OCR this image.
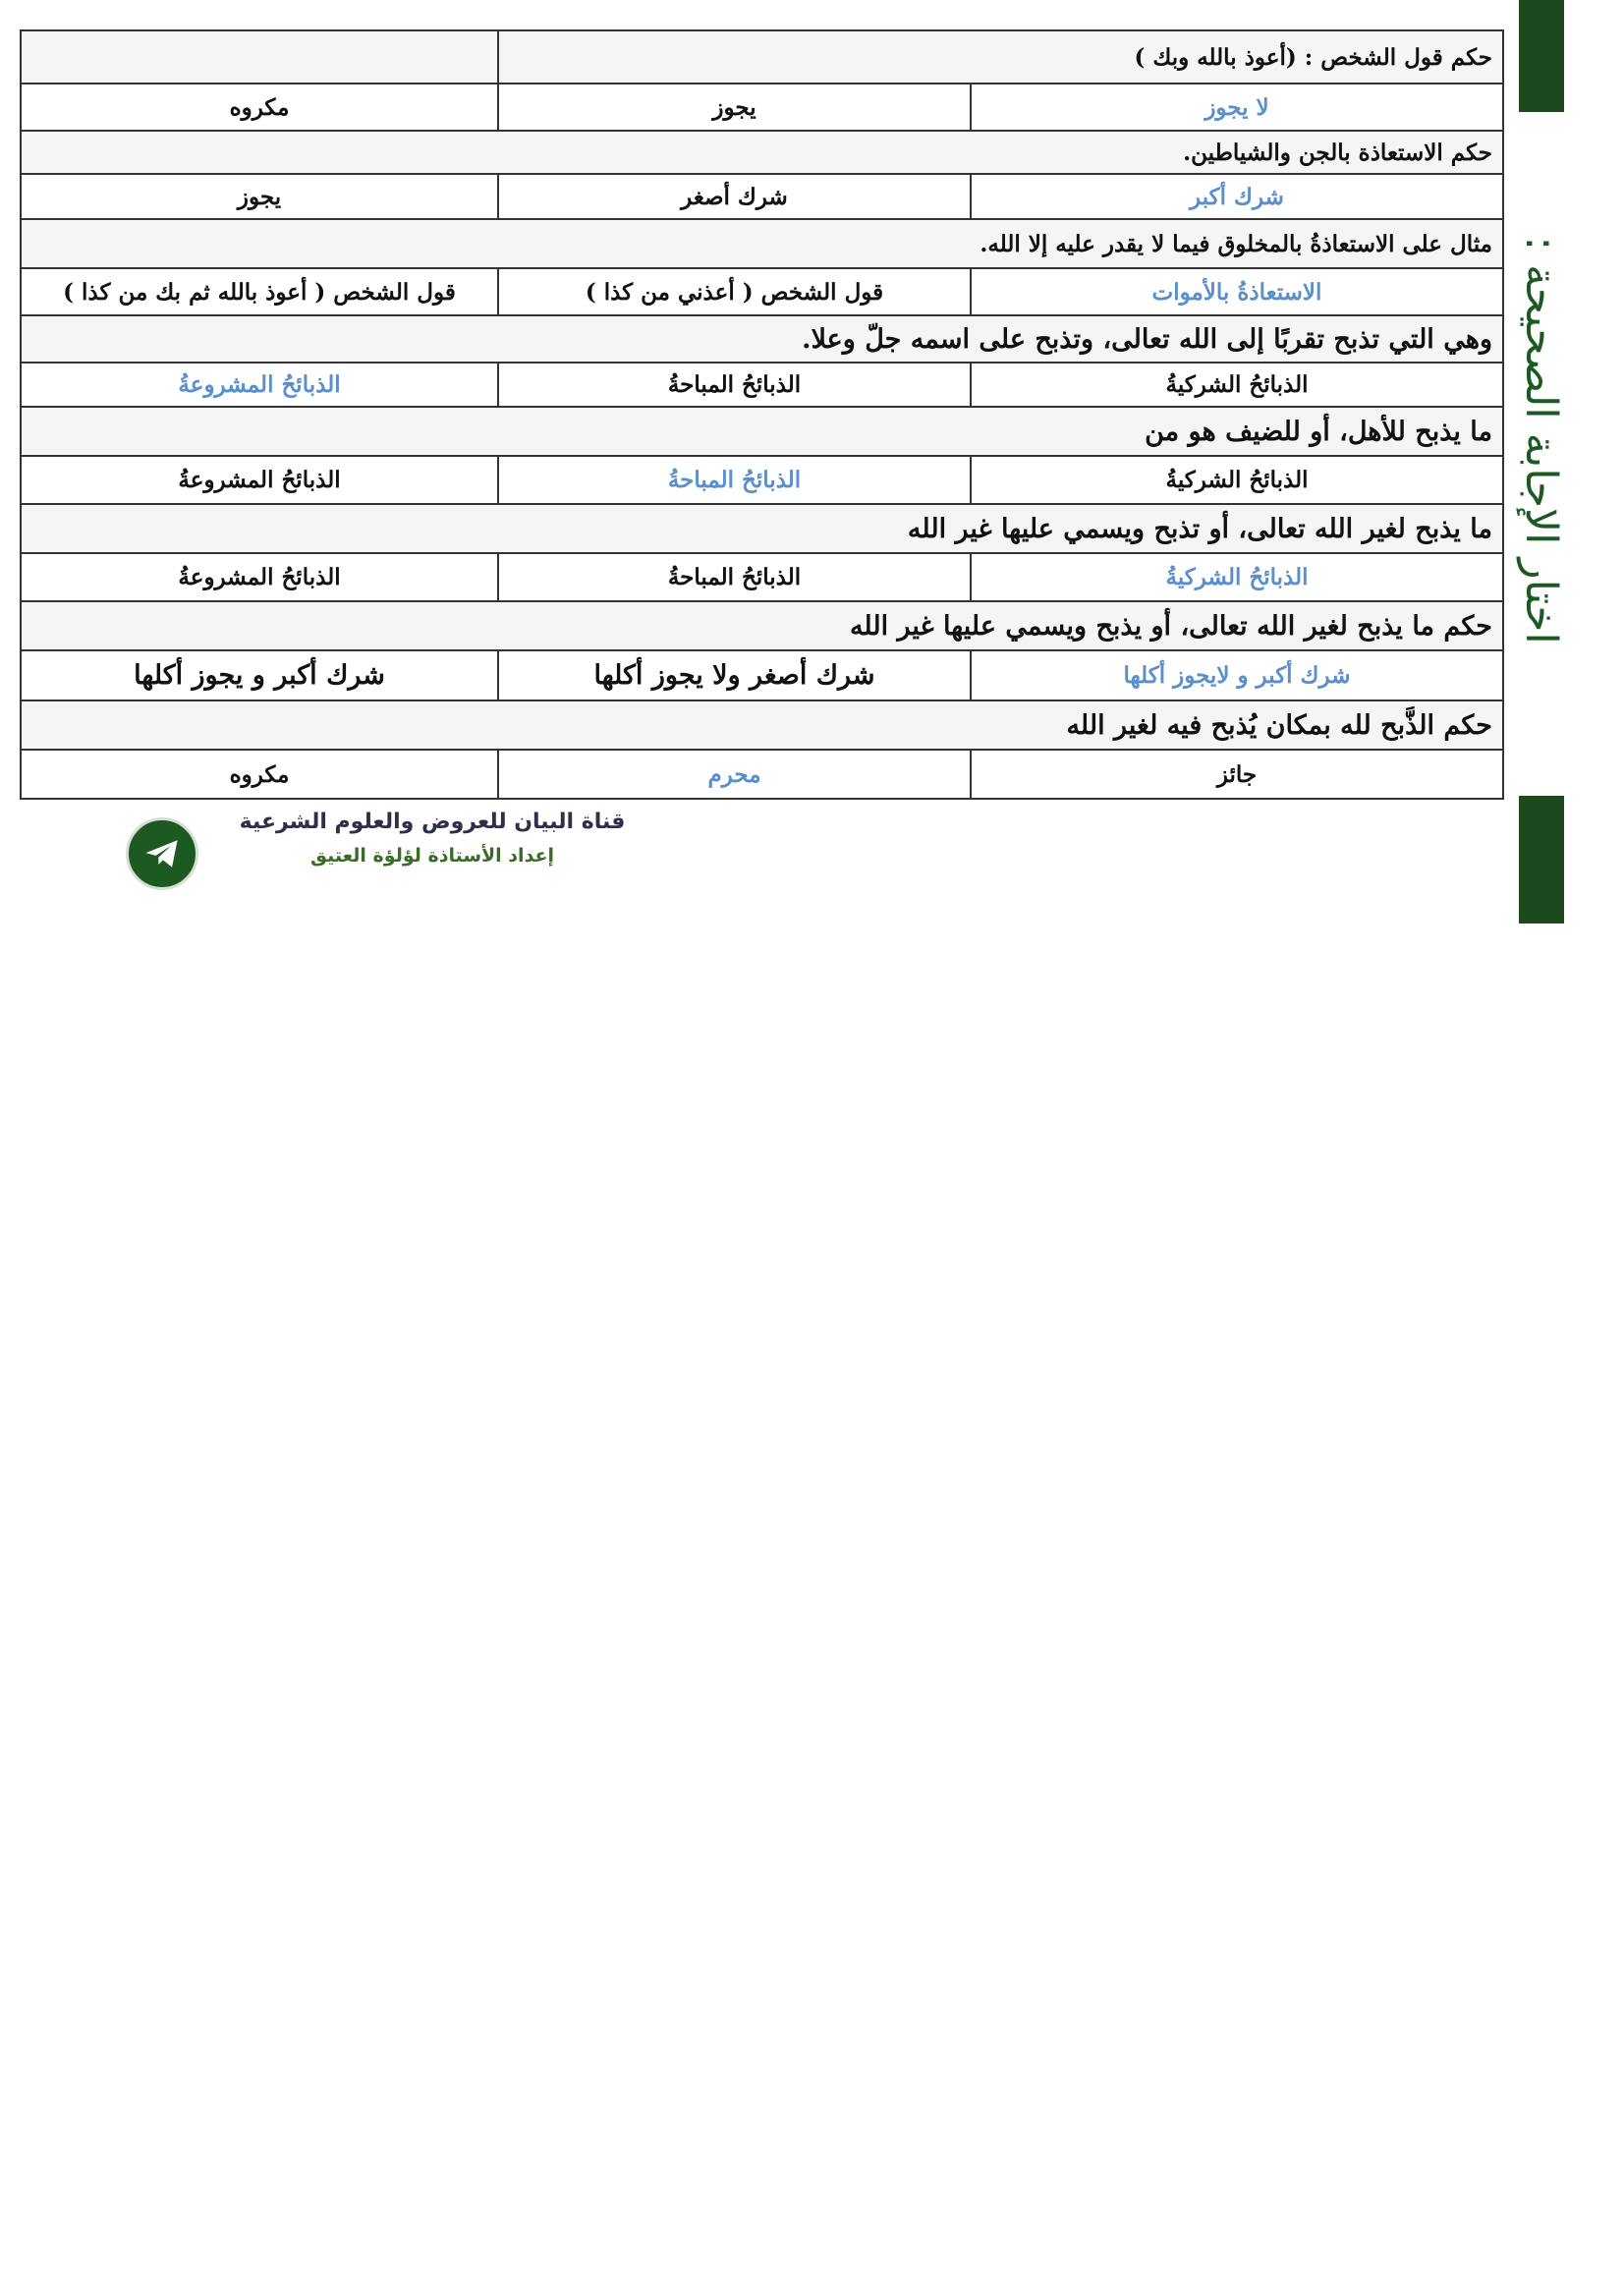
اختار الإجابة الصحيحة :
حكم قول الشخص : (أعوذ بالله وبك )		
لا يجوز	يجوز	مكروه
حكم الاستعاذة بالجن والشياطين.		
شرك أكبر	شرك أصغر	يجوز
مثال على الاستعاذةُ بالمخلوق فيما لا يقدر عليه إلا الله.		
الاستعاذةُ بالأموات	قول الشخص ( أعذني من كذا )	قول الشخص ( أعوذ بالله ثم بك من كذا )
وهي التي تذبح تقربًا إلى الله تعالى، وتذبح على اسمه جلّ وعلا.		
الذبائحُ الشركيةُ	الذبائحُ المباحةُ	الذبائحُ المشروعةُ
ما يذبح للأهل، أو للضيف هو من		
الذبائحُ الشركيةُ	الذبائحُ المباحةُ	الذبائحُ المشروعةُ
ما يذبح لغير الله تعالى، أو تذبح ويسمي عليها غير الله		
الذبائحُ الشركيةُ	الذبائحُ المباحةُ	الذبائحُ المشروعةُ
حكم ما يذبح لغير الله تعالى، أو يذبح ويسمي عليها غير الله		
شرك أكبر و لايجوز أكلها	شرك أصغر ولا يجوز أكلها	شرك أكبر و يجوز أكلها
حكم الذَّبح لله بمكان يُذبح فيه لغير الله		
جائز	محرم	مكروه
قناة البيان للعروض والعلوم الشرعية
إعداد الأستاذة لؤلؤة العتيق
